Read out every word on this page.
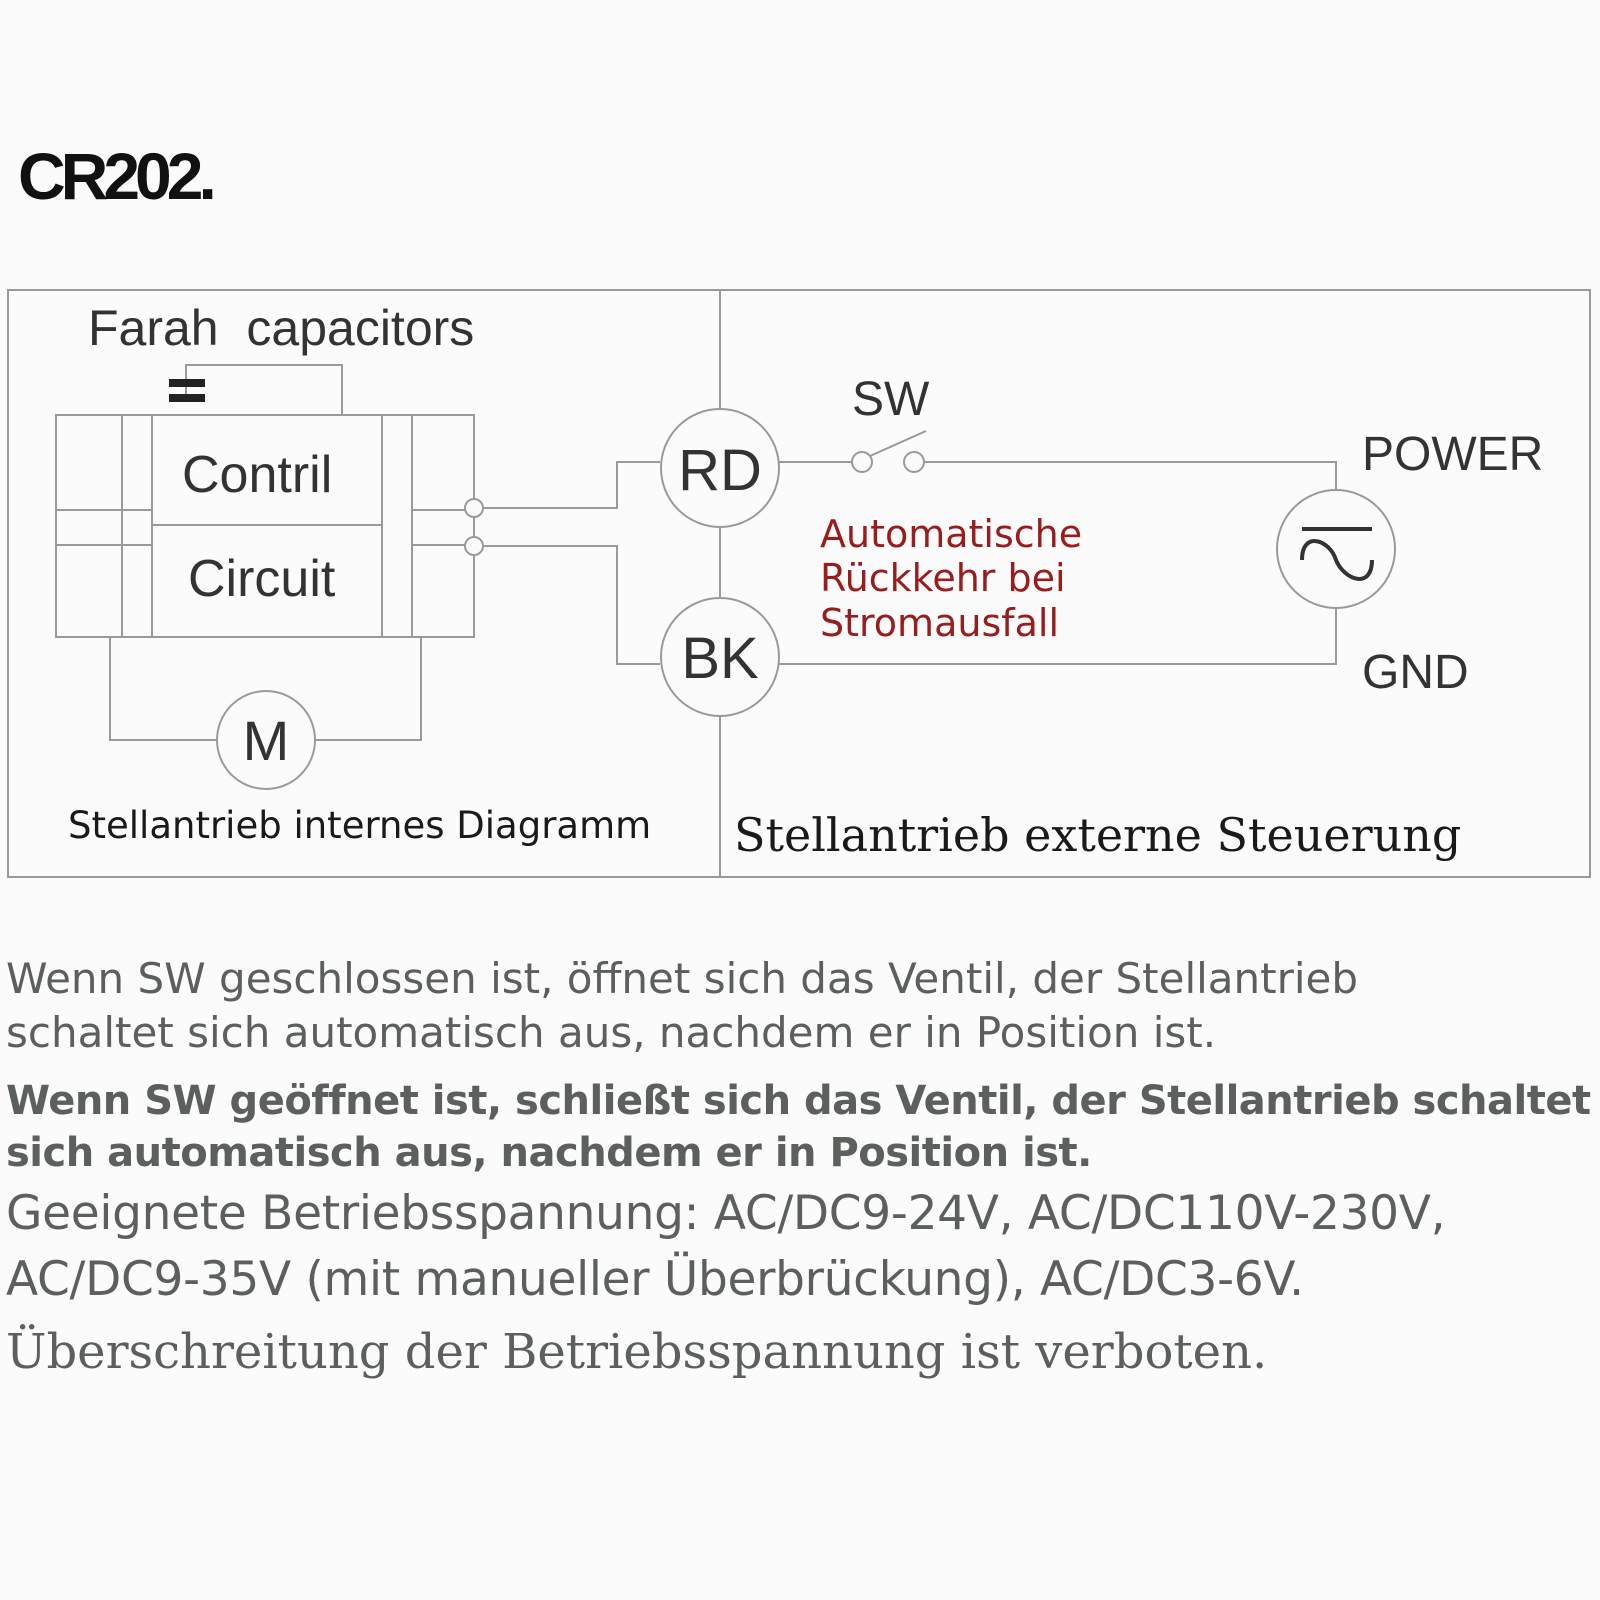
CR202.
Farah  capacitors
Contril
Circuit
M
Stellantrieb internes Diagramm
RD
BK
SW
POWER
GND
Automatische
Rückkehr bei
Stromausfall
Stellantrieb externe Steuerung
Wenn SW geschlossen ist, öffnet sich das Ventil, der Stellantrieb
schaltet sich automatisch aus, nachdem er in Position ist.
Wenn SW geöffnet ist, schließt sich das Ventil, der Stellantrieb schaltet
sich automatisch aus, nachdem er in Position ist.
Geeignete Betriebsspannung: AC/DC9-24V, AC/DC110V-230V,
AC/DC9-35V (mit manueller Überbrückung), AC/DC3-6V.
Überschreitung der Betriebsspannung ist verboten.
